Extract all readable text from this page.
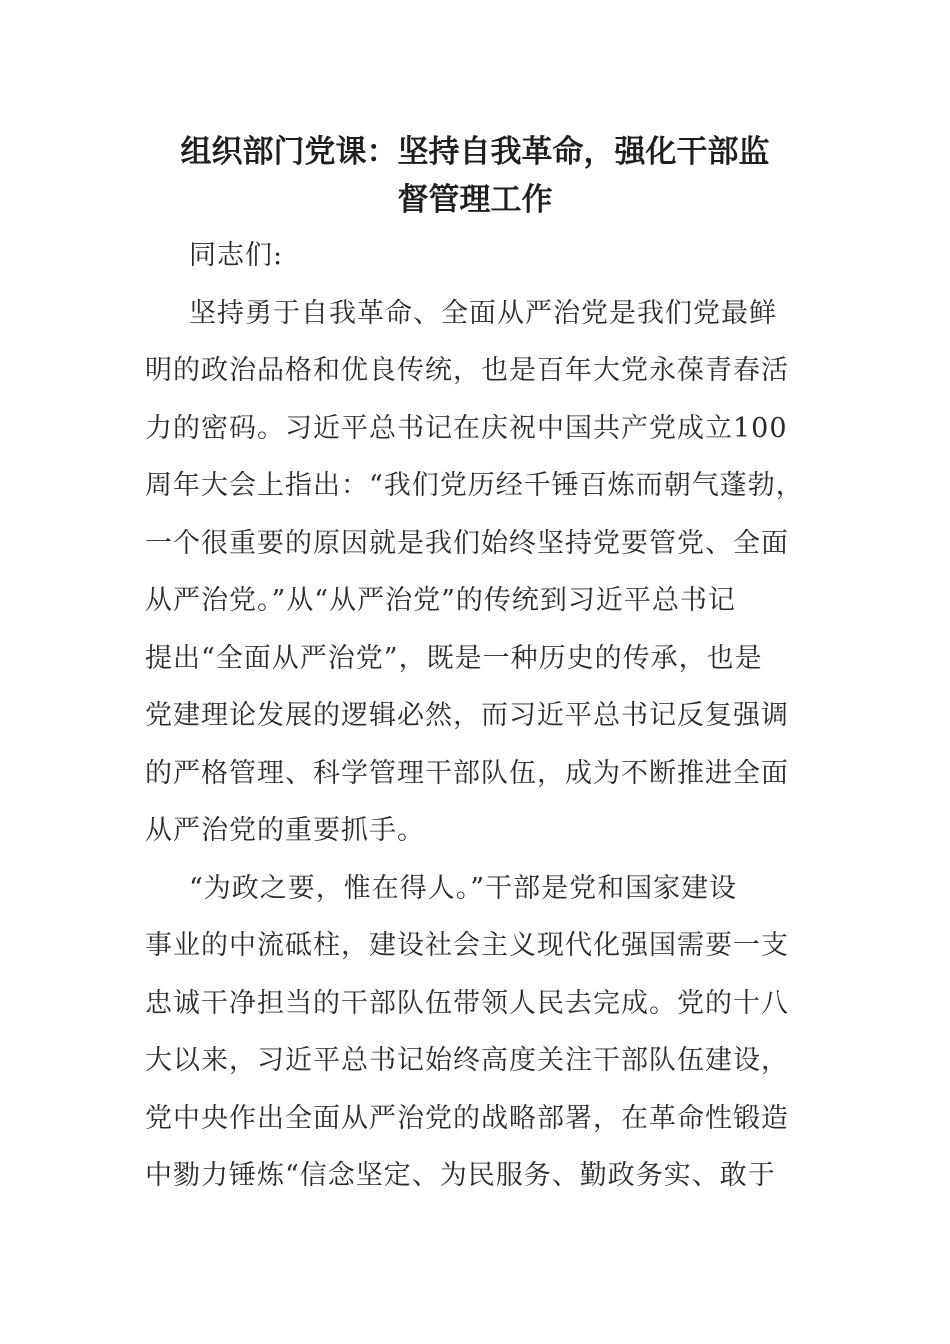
组织部门党课：坚持自我革命，强化干部监
督管理工作
同志们:
坚持勇于自我革命、全面从严治党是我们党最鲜
明的政治品格和优良传统，也是百年大党永葆青春活
力的密码。习近平总书记在庆祝中国共产党成立100
周年大会上指出：“我们党历经千锤百炼而朝气蓬勃，
一个很重要的原因就是我们始终坚持党要管党、全面
从严治党。”从“从严治党”的传统到习近平总书记
提出“全面从严治党”，既是一种历史的传承，也是
党建理论发展的逻辑必然，而习近平总书记反复强调
的严格管理、科学管理干部队伍，成为不断推进全面
从严治党的重要抓手。
“为政之要，惟在得人。”干部是党和国家建设
事业的中流砥柱，建设社会主义现代化强国需要一支
忠诚干净担当的干部队伍带领人民去完成。党的十八
大以来，习近平总书记始终高度关注干部队伍建设，
党中央作出全面从严治党的战略部署，在革命性锻造
中勠力锤炼“信念坚定、为民服务、勤政务实、敢于
